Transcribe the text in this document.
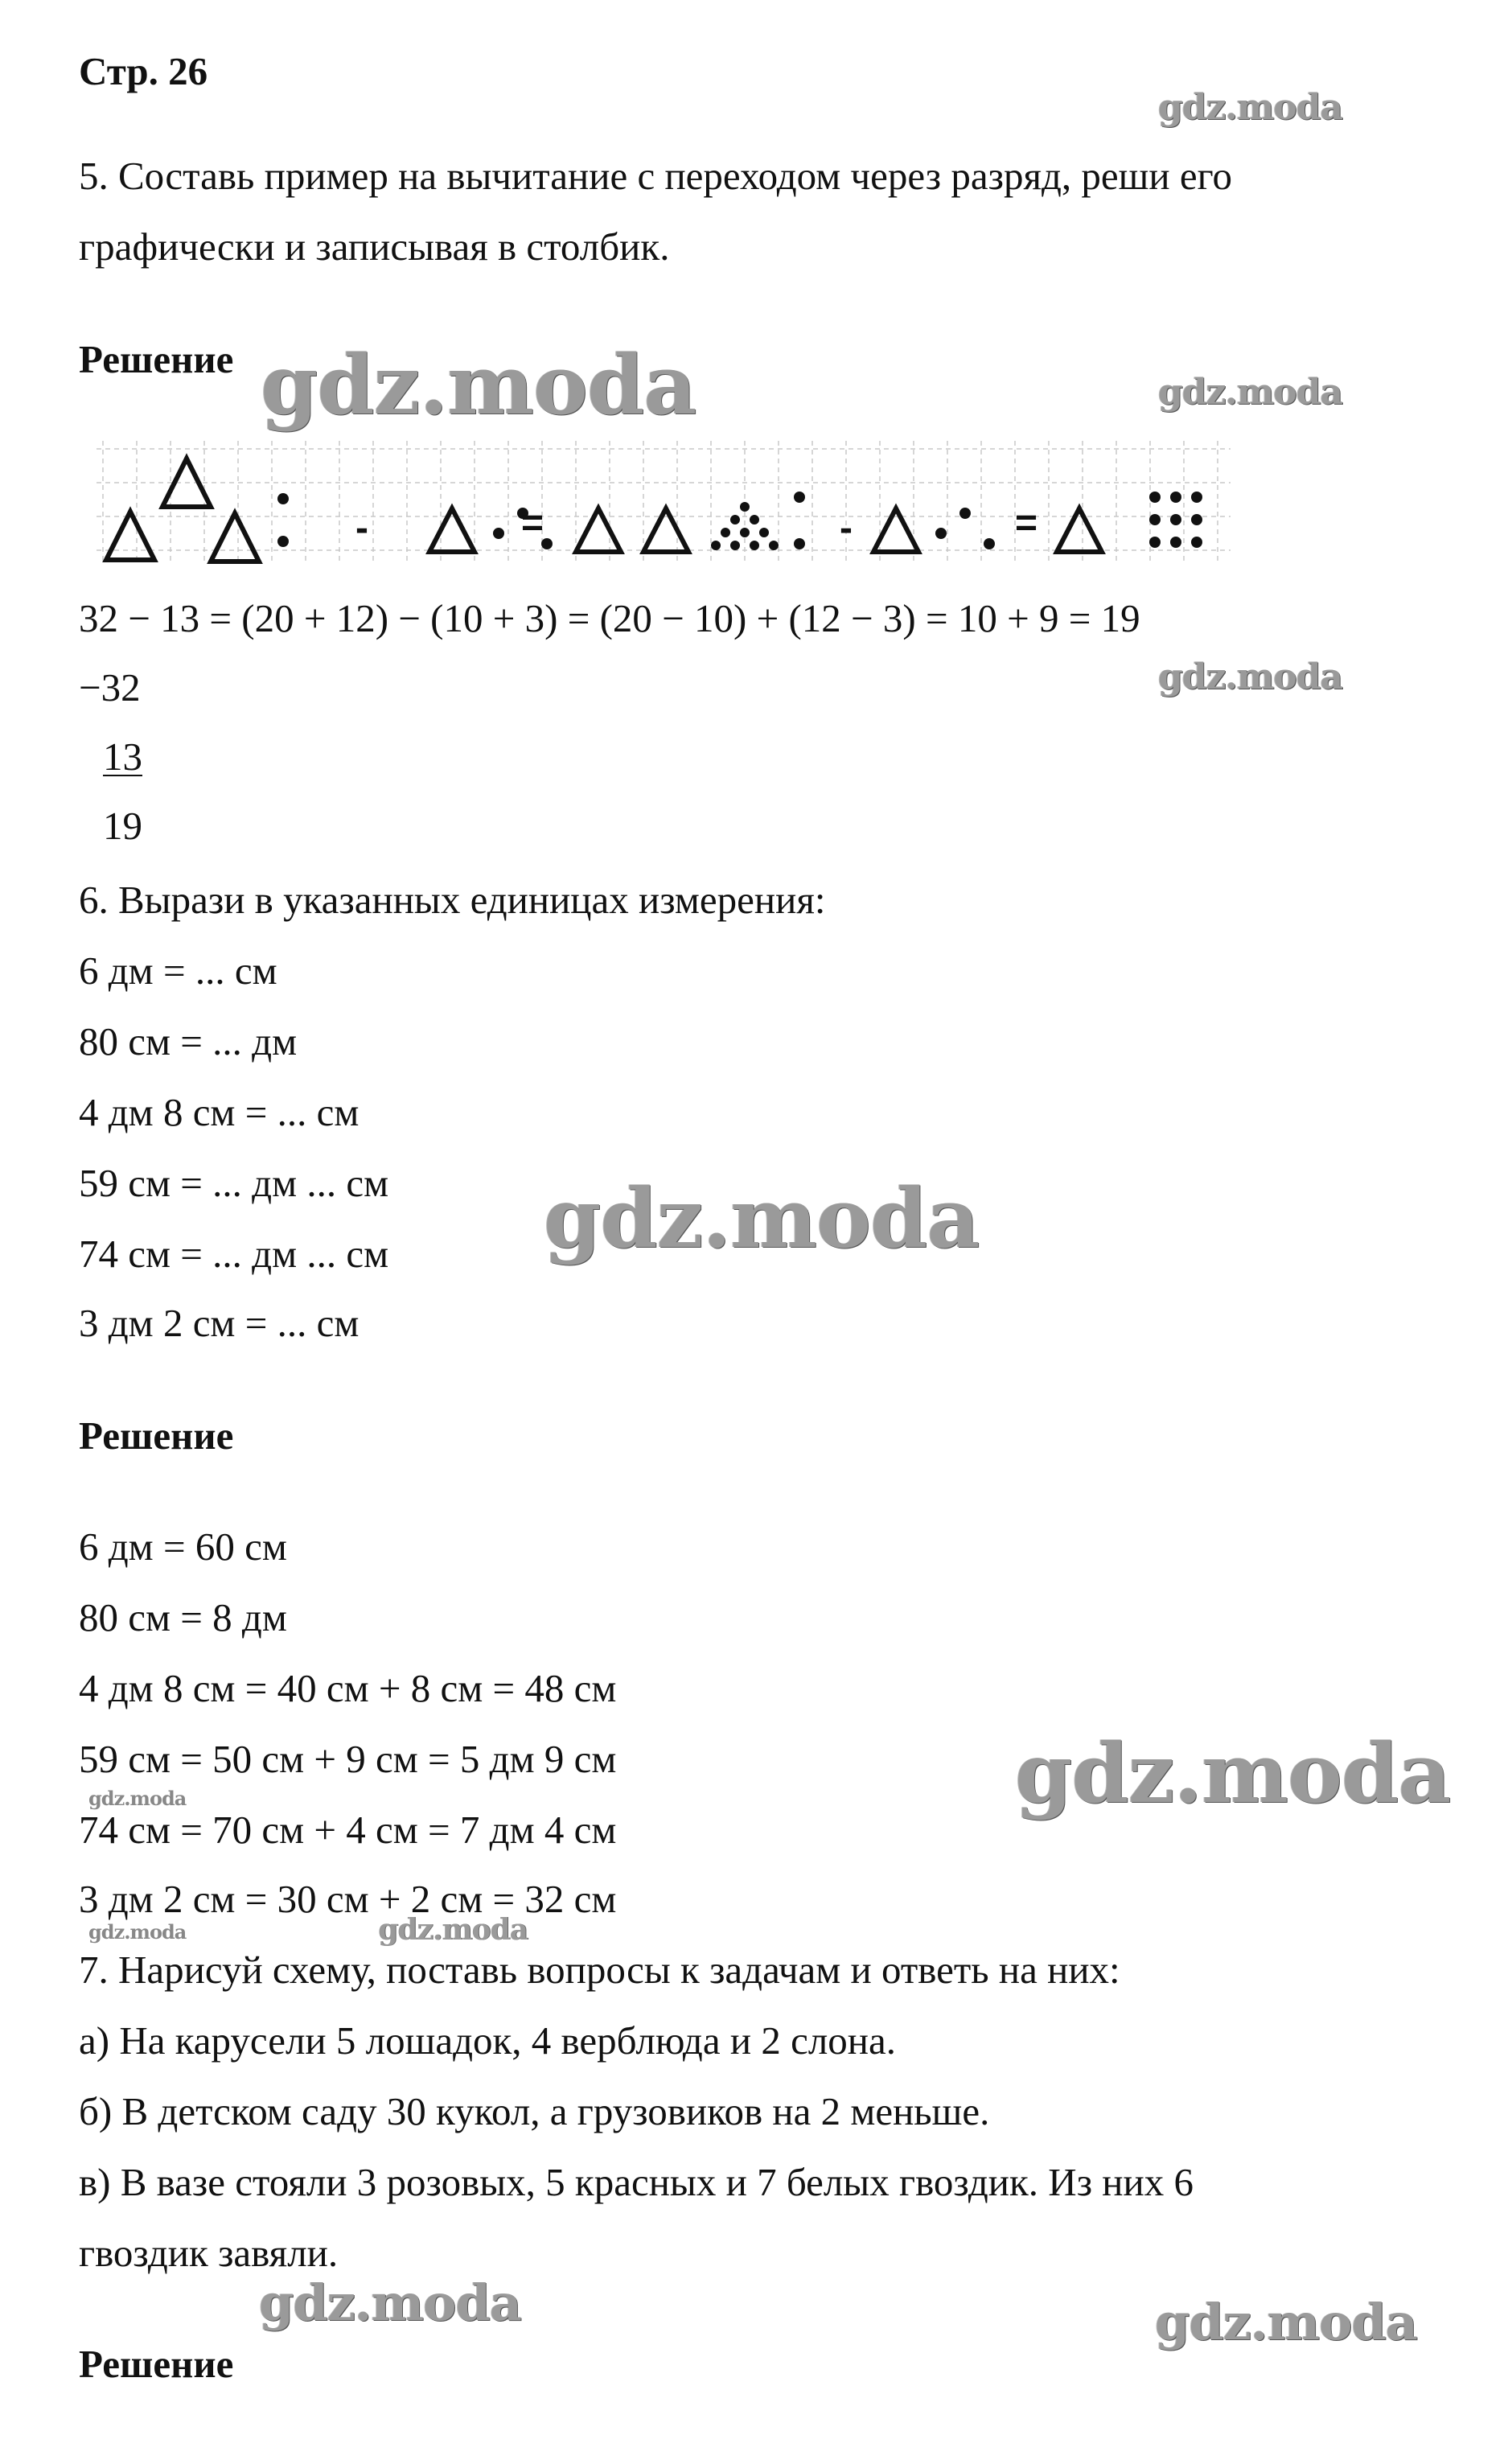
Стр. 26
5. Составь пример на вычитание с переходом через разряд, реши его
графически и записывая в столбик.
Решение
-	=	-	=
32 − 13 = (20 + 12) − (10 + 3) = (20 − 10) + (12 − 3) = 10 + 9 = 19
−32
13
19
6. Вырази в указанных единицах измерения:
6 дм = ... см
80 см = ... дм
4 дм 8 см = ... см
59 см = ... дм ... см
74 см = ... дм ... см
3 дм 2 см = ... см
Решение
6 дм = 60 см
80 см = 8 дм
4 дм 8 см = 40 см + 8 см = 48 см
59 см = 50 см + 9 см = 5 дм 9 см
74 см = 70 см + 4 см = 7 дм 4 см
3 дм 2 см = 30 см + 2 см = 32 см
7. Нарисуй схему, поставь вопросы к задачам и ответь на них:
а) На карусели 5 лошадок, 4 верблюда и 2 слона.
б) В детском саду 30 кукол, а грузовиков на 2 меньше.
в) В вазе стояли 3 розовых, 5 красных и 7 белых гвоздик. Из них 6
гвоздик завяли.
Решение
gdz.moda
gdz.moda	gdz.moda
gdz.moda
gdz.moda
gdz.moda
gdz.moda
gdz.moda	gdz.moda
gdz.moda	gdz.moda
